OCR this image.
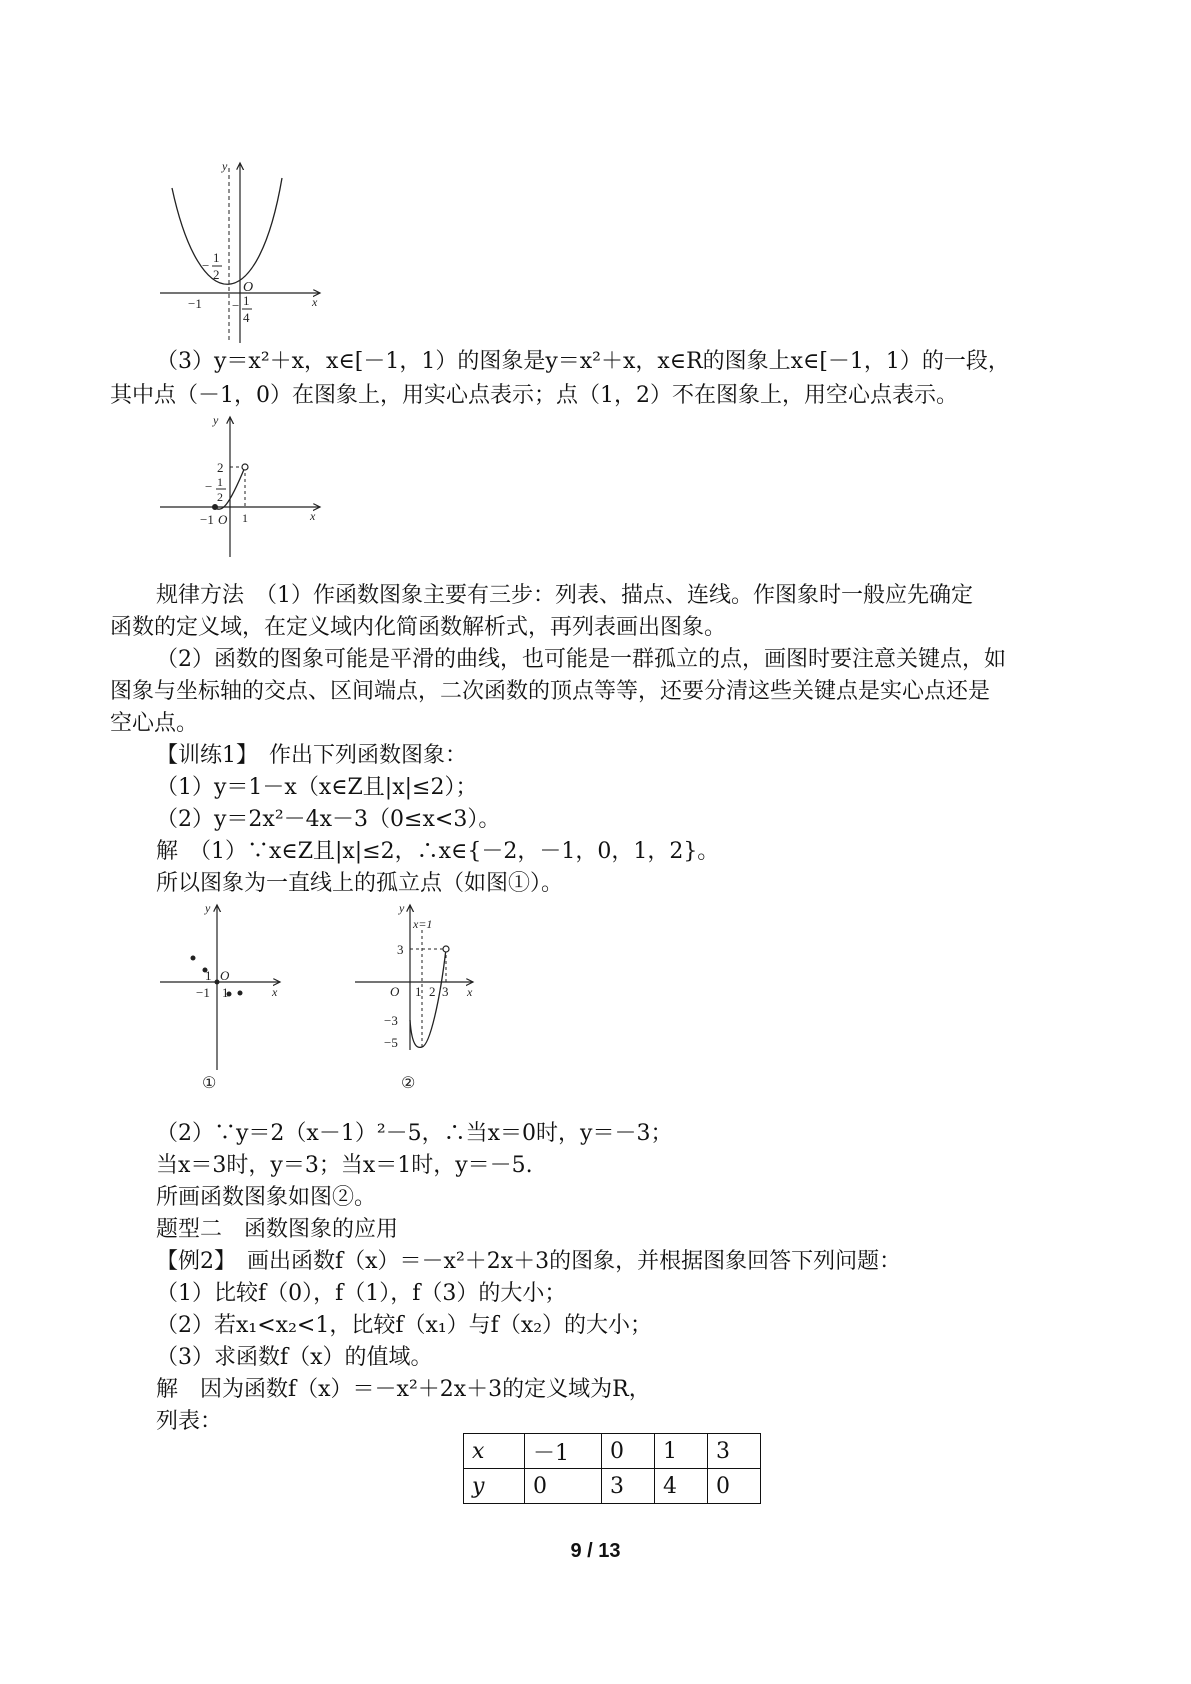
y
x
O
−
1
2
−1 − 1
4

（3）y＝x²＋x，x∈[－1，1）的图象是y＝x²＋x，x∈R的图象上x∈[－1，1）的一段，

其中点（－1，0）在图象上，用实心点表示；点（1，2）不在图象上，用空心点表示。

y
x
O
2
− 1
2
−1 1

规律方法　（1）作函数图象主要有三步：列表、描点、连线。作图象时一般应先确定

函数的定义域，在定义域内化简函数解析式，再列表画出图象。

（2）函数的图象可能是平滑的曲线，也可能是一群孤立的点，画图时要注意关键点，如

图象与坐标轴的交点、区间端点，二次函数的顶点等等，还要分清这些关键点是实心点还是

空心点。

【训练1】　作出下列函数图象：

（1）y＝1－x（x∈Z且|x|≤2）；

（2）y＝2x²－4x－3（0≤x<3）。

解　（1）∵x∈Z且|x|≤2，∴x∈{－2，－1，0，1，2}。

所以图象为一直线上的孤立点（如图①）。

y
x
O
1
−1 1
①
y
x
O
x=1
3
−3
−5
1 2 3
②

（2）∵y＝2（x－1）²－5，∴当x＝0时，y＝－3；

当x＝3时，y＝3；当x＝1时，y＝－5.

所画函数图象如图②。

题型二　函数图象的应用

【例2】　画出函数f（x）＝－x²＋2x＋3的图象，并根据图象回答下列问题：

（1）比较f（0），f（1），f（3）的大小；

（2）若x₁<x₂<1，比较f（x₁）与f（x₂）的大小；

（3）求函数f（x）的值域。

解　因为函数f（x）＝－x²＋2x＋3的定义域为R，

列表：

x	－1	0	1	3
y	0	3	4	0
9 / 13
